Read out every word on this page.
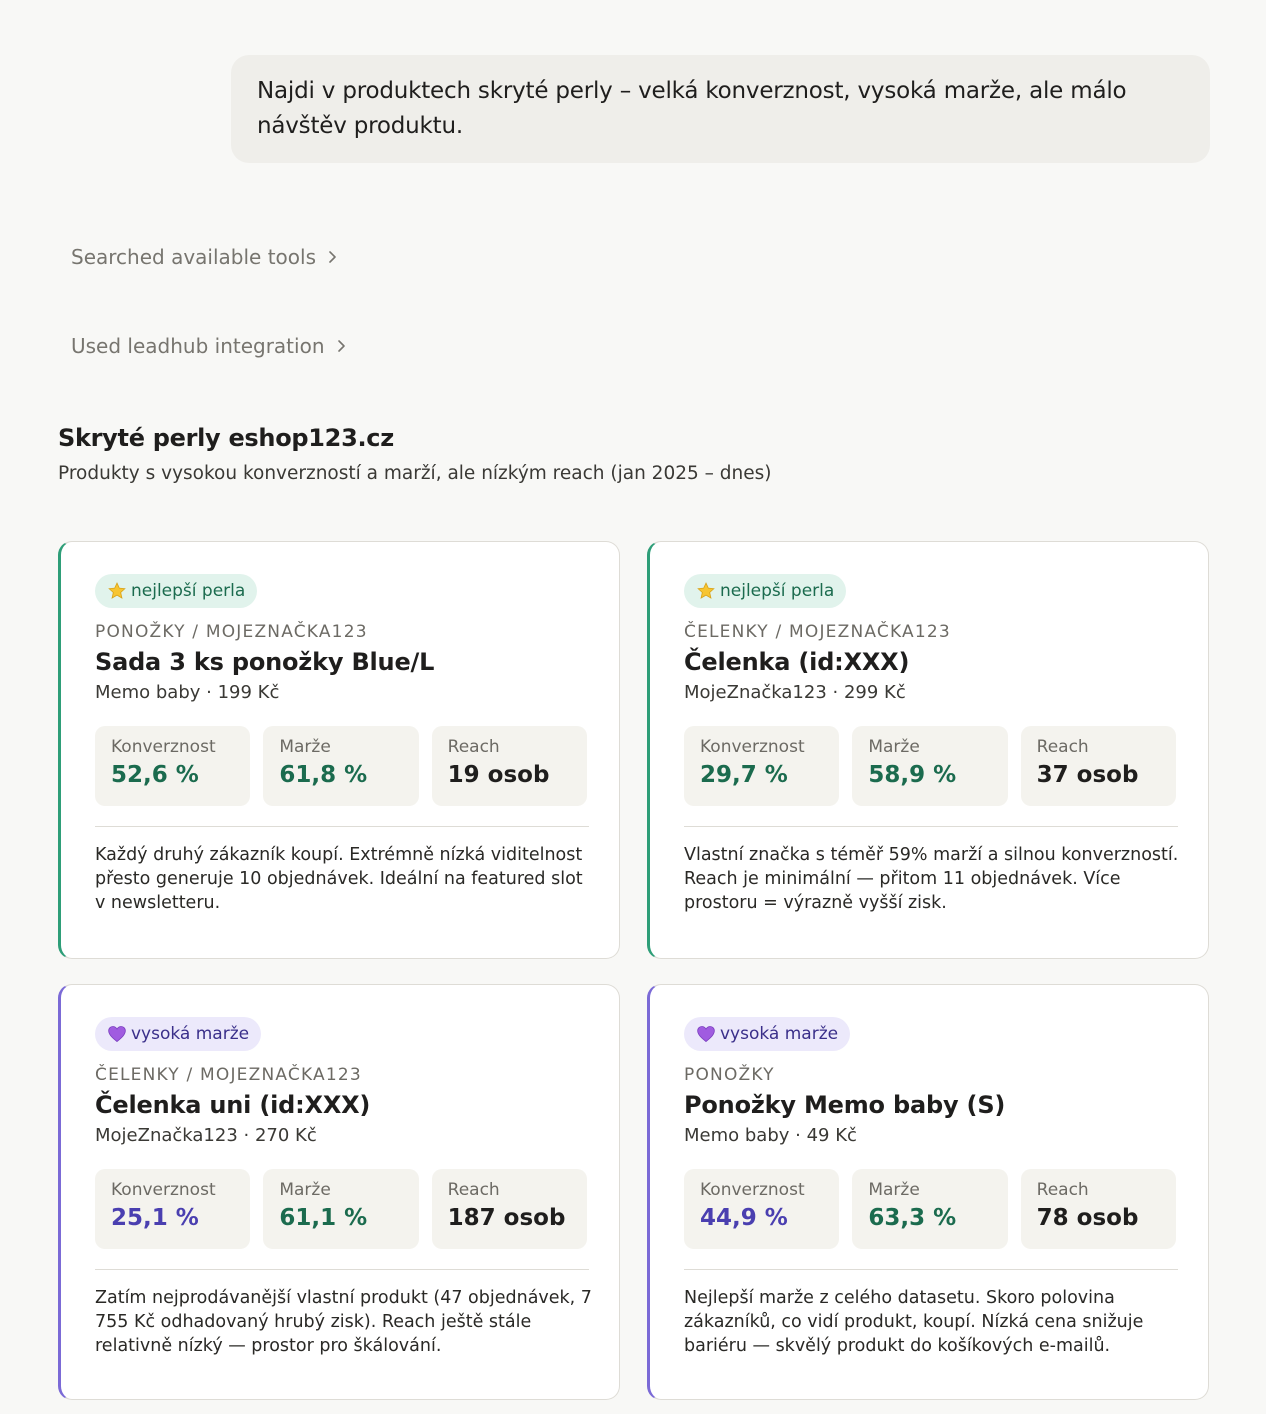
Najdi v produktech skryté perly – velká konverznost, vysoká marže, ale málo návštěv produktu.
Searched available tools
Used leadhub integration
Skryté perly eshop123.cz
Produkty s vysokou konverzností a marží, ale nízkým reach (jan 2025 – dnes)
nejlepší perla
PONOŽKY / MOJEZNAČKA123
Sada 3 ks ponožky Blue/L
Memo baby · 199 Kč
Konverznost
52,6 %
Marže
61,8 %
Reach
19 osob
Každý druhý zákazník koupí. Extrémně nízká viditelnost přesto generuje 10 objednávek. Ideální na featured slot v newsletteru.
nejlepší perla
ČELENKY / MOJEZNAČKA123
Čelenka (id:XXX)
MojeZnačka123 · 299 Kč
Konverznost
29,7 %
Marže
58,9 %
Reach
37 osob
Vlastní značka s téměř 59% marží a silnou konverzností. Reach je minimální — přitom 11 objednávek. Více prostoru = výrazně vyšší zisk.
vysoká marže
ČELENKY / MOJEZNAČKA123
Čelenka uni (id:XXX)
MojeZnačka123 · 270 Kč
Konverznost
25,1 %
Marže
61,1 %
Reach
187 osob
Zatím nejprodávanější vlastní produkt (47 objednávek, 7 755 Kč odhadovaný hrubý zisk). Reach ještě stále relativně nízký — prostor pro škálování.
vysoká marže
PONOŽKY
Ponožky Memo baby (S)
Memo baby · 49 Kč
Konverznost
44,9 %
Marže
63,3 %
Reach
78 osob
Nejlepší marže z celého datasetu. Skoro polovina zákazníků, co vidí produkt, koupí. Nízká cena snižuje bariéru — skvělý produkt do košíkových e-mailů.
